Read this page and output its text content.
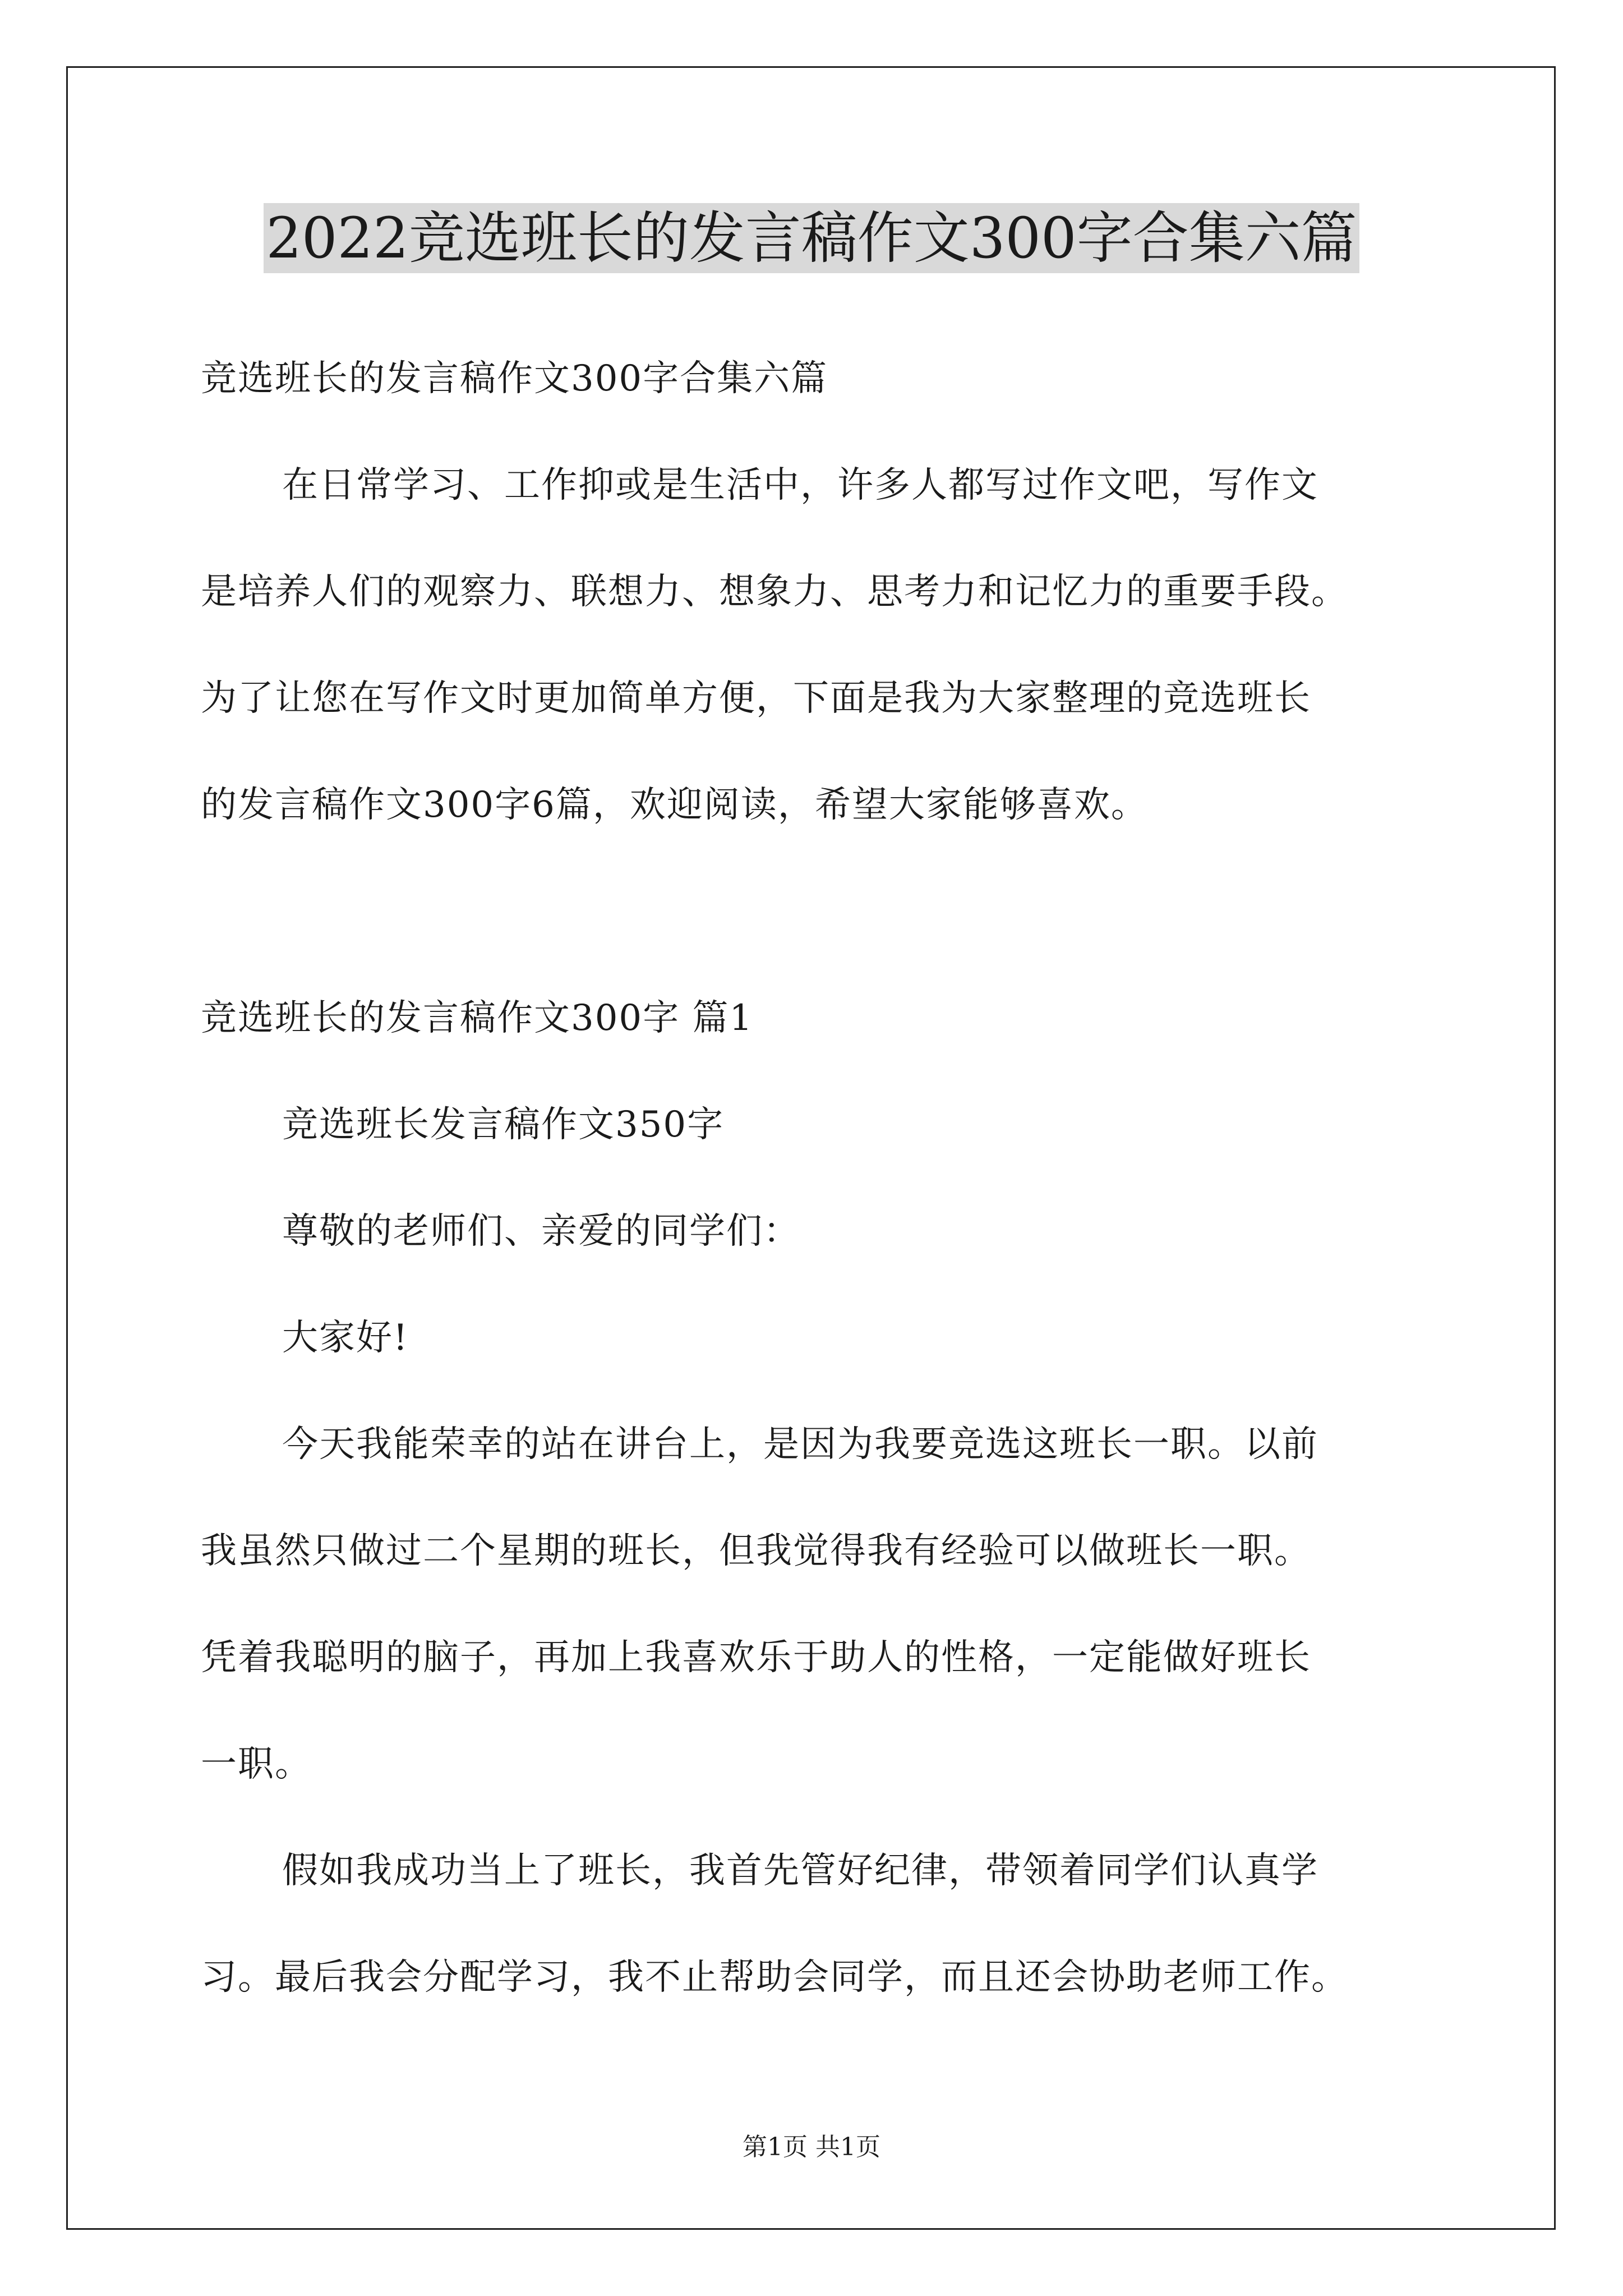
2022竞选班长的发言稿作文300字合集六篇
竞选班长的发言稿作文300字合集六篇
在日常学习、工作抑或是生活中，许多人都写过作文吧，写作文
是培养人们的观察力、联想力、想象力、思考力和记忆力的重要手段。
为了让您在写作文时更加简单方便，下面是我为大家整理的竞选班长
的发言稿作文300字6篇，欢迎阅读，希望大家能够喜欢。
竞选班长的发言稿作文300字 篇1
竞选班长发言稿作文350字
尊敬的老师们、亲爱的同学们：
大家好!
今天我能荣幸的站在讲台上，是因为我要竞选这班长一职。以前
我虽然只做过二个星期的班长，但我觉得我有经验可以做班长一职。
凭着我聪明的脑子，再加上我喜欢乐于助人的性格，一定能做好班长
一职。
假如我成功当上了班长，我首先管好纪律，带领着同学们认真学
习。最后我会分配学习，我不止帮助会同学，而且还会协助老师工作。
第1页 共1页
